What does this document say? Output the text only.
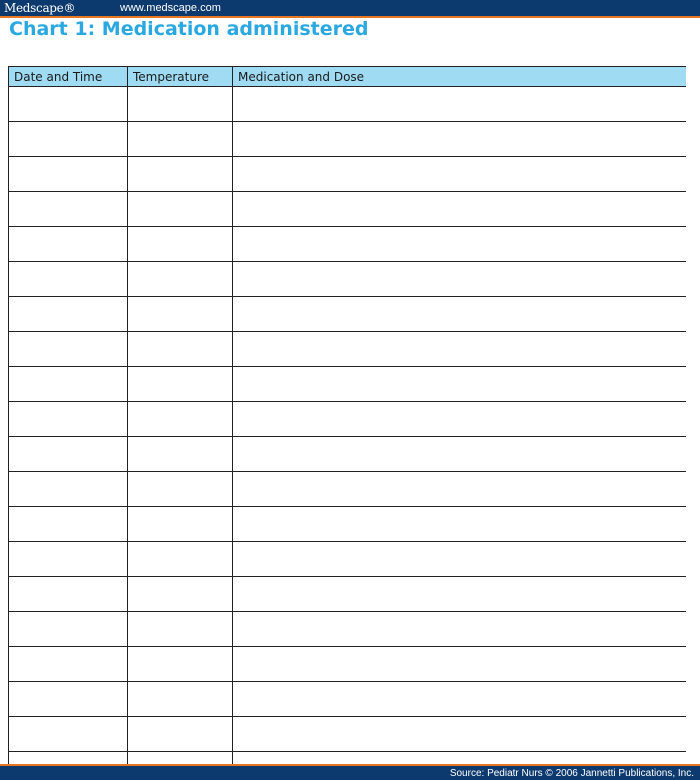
Medscape®	www.medscape.com
Chart 1: Medication administered
Date and Time	Temperature	Medication and Dose

Source: Pediatr Nurs © 2006 Jannetti Publications, Inc.
